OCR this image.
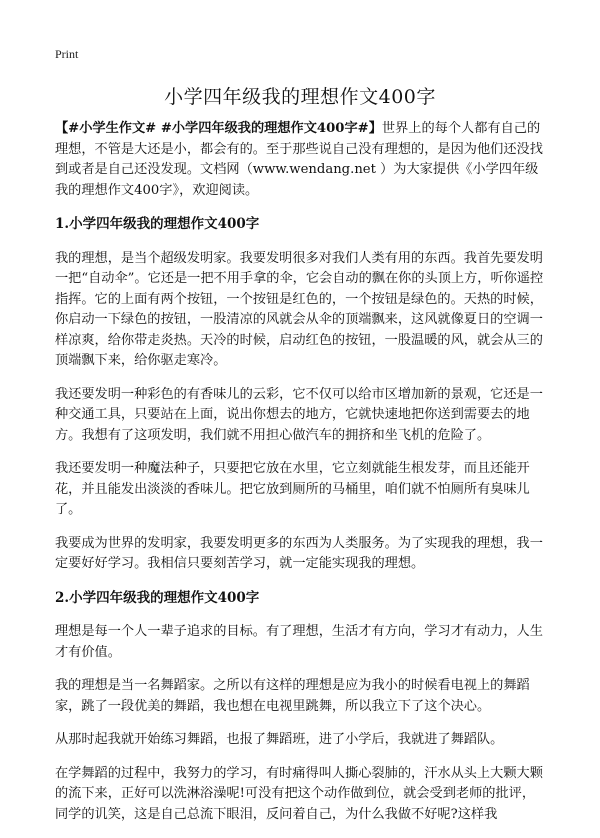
Print
小学四年级我的理想作文400字

【#小学生作文# #小学四年级我的理想作文400字#】世界上的每个人都有自己的理想，不管是大还是小，都会有的。至于那些说自己没有理想的，是因为他们还没找到或者是自己还没发现。文档网（www.wendang.net ）为大家提供《小学四年级我的理想作文400字》，欢迎阅读。

1.小学四年级我的理想作文400字

我的理想，是当个超级发明家。我要发明很多对我们人类有用的东西。我首先要发明一把“自动伞”。它还是一把不用手拿的伞，它会自动的飘在你的头顶上方，听你遥控指挥。它的上面有两个按钮，一个按钮是红色的，一个按钮是绿色的。天热的时候，你启动一下绿色的按钮，一股清凉的风就会从伞的顶端飘来，这风就像夏日的空调一样凉爽，给你带走炎热。天冷的时候，启动红色的按钮，一股温暖的风，就会从三的顶端飘下来，给你驱走寒冷。

我还要发明一种彩色的有香味儿的云彩，它不仅可以给市区增加新的景观，它还是一种交通工具，只要站在上面，说出你想去的地方，它就快速地把你送到需要去的地方。我想有了这项发明，我们就不用担心做汽车的拥挤和坐飞机的危险了。

我还要发明一种魔法种子，只要把它放在水里，它立刻就能生根发芽，而且还能开花，并且能发出淡淡的香味儿。把它放到厕所的马桶里，咱们就不怕厕所有臭味儿了。

我要成为世界的发明家，我要发明更多的东西为人类服务。为了实现我的理想，我一定要好好学习。我相信只要刻苦学习，就一定能实现我的理想。

2.小学四年级我的理想作文400字

理想是每一个人一辈子追求的目标。有了理想，生活才有方向，学习才有动力，人生才有价值。

我的理想是当一名舞蹈家。之所以有这样的理想是应为我小的时候看电视上的舞蹈家，跳了一段优美的舞蹈，我也想在电视里跳舞，所以我立下了这个决心。

从那时起我就开始练习舞蹈，也报了舞蹈班，进了小学后，我就进了舞蹈队。

在学舞蹈的过程中，我努力的学习，有时痛得叫人撕心裂肺的，汗水从头上大颗大颗的流下来，正好可以洗淋浴澡呢!可没有把这个动作做到位，就会受到老师的批评，同学的讥笑，这是自己总流下眼泪，反问着自己，为什么我做不好呢?这样我
